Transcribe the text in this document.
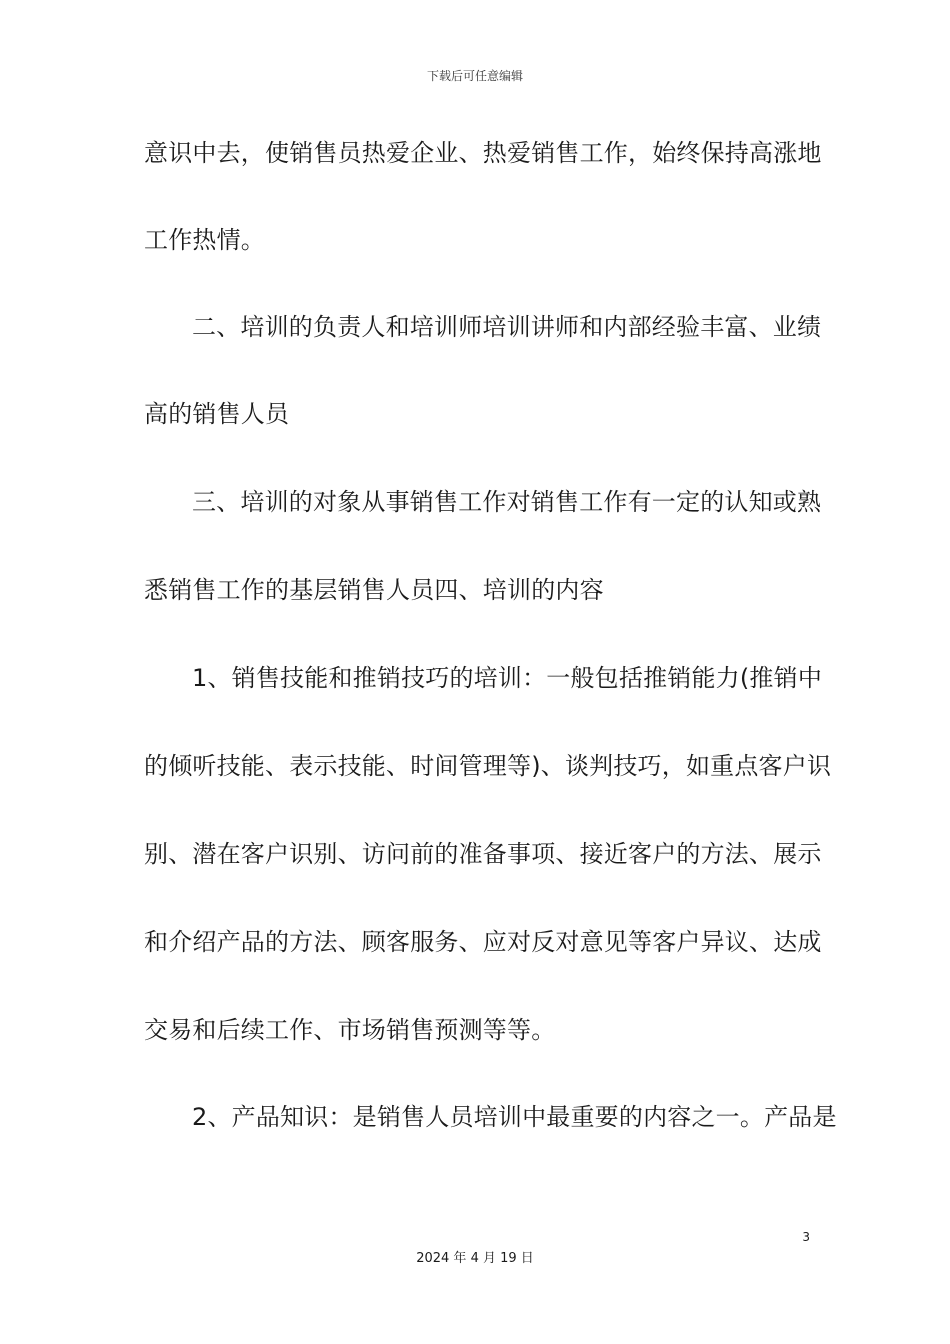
下载后可任意编辑
意识中去，使销售员热爱企业、热爱销售工作，始终保持高涨地
工作热情。
二、培训的负责人和培训师培训讲师和内部经验丰富、业绩
高的销售人员
三、培训的对象从事销售工作对销售工作有一定的认知或熟
悉销售工作的基层销售人员四、培训的内容
1、销售技能和推销技巧的培训：一般包括推销能力(推销中
的倾听技能、表示技能、时间管理等)、谈判技巧，如重点客户识
别、潜在客户识别、访问前的准备事项、接近客户的方法、展示
和介绍产品的方法、顾客服务、应对反对意见等客户异议、达成
交易和后续工作、市场销售预测等等。
2、产品知识：是销售人员培训中最重要的内容之一。产品是
3
2024 年 4 月 19 日
